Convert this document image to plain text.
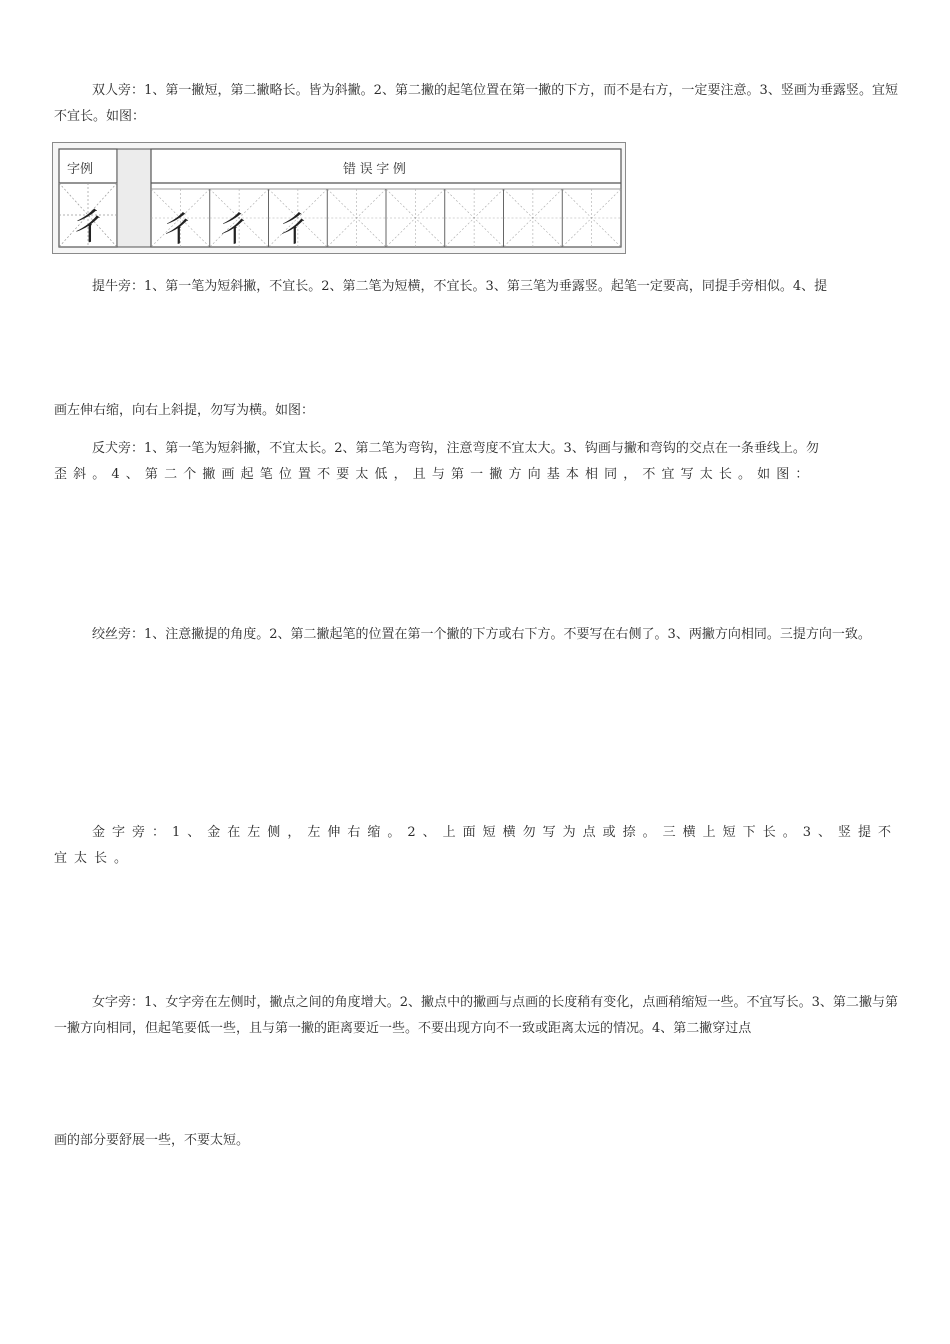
双人旁：1、第一撇短，第二撇略长。皆为斜撇。2、第二撇的起笔位置在第一撇的下方，而不是右方，一定要注意。3、竖画为垂露竖。宜短不宜长。如图：

字例	错 误 字 例
彳 彳 彳 彳

提牛旁：1、第一笔为短斜撇，不宜长。2、第二笔为短横，不宜长。3、第三笔为垂露竖。起笔一定要高，同提手旁相似。4、提

画左伸右缩，向右上斜提，勿写为横。如图：

反犬旁：1、第一笔为短斜撇，不宜太长。2、第二笔为弯钩，注意弯度不宜太大。3、钩画与撇和弯钩的交点在一条垂线上。勿

歪 斜 。 4 、 第 二 个 撇 画 起 笔 位 置 不 要 太 低 ， 且 与 第 一 撇 方 向 基 本 相 同 ， 不 宜 写 太 长 。 如 图 ：

绞丝旁：1、注意撇提的角度。2、第二撇起笔的位置在第一个撇的下方或右下方。不要写在右侧了。3、两撇方向相同。三提方向一致。

金字旁：1、金在左侧，左伸右缩。2、上面短横勿写为点或捺。三横上短下长。3、竖提不宜太长。

女字旁：1、女字旁在左侧时，撇点之间的角度增大。2、撇点中的撇画与点画的长度稍有变化，点画稍缩短一些。不宜写长。3、第二撇与第一撇方向相同，但起笔要低一些，且与第一撇的距离要近一些。不要出现方向不一致或距离太远的情况。4、第二撇穿过点

画的部分要舒展一些，不要太短。
